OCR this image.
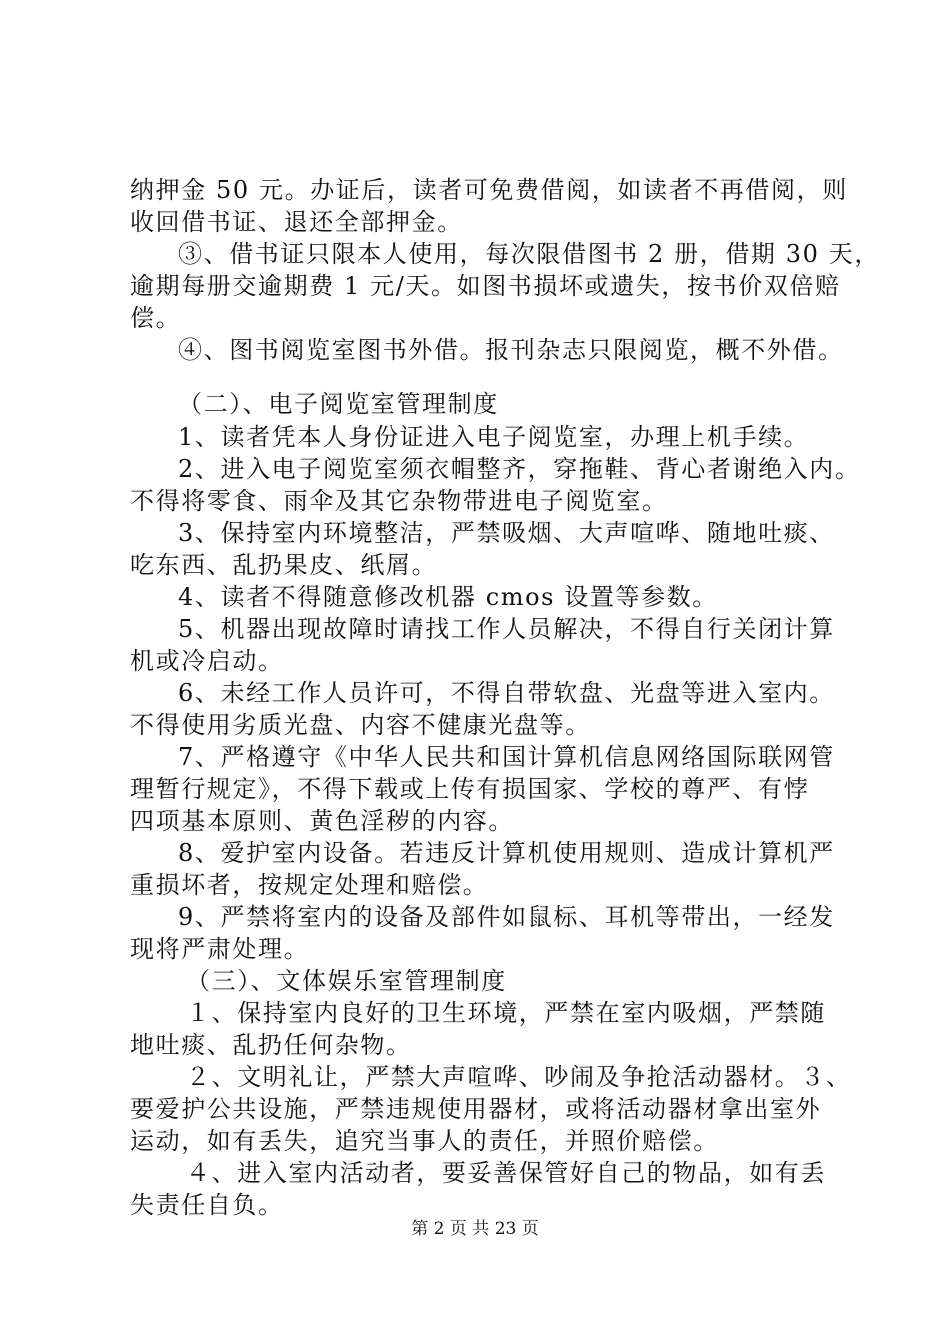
纳押金 50 元。办证后，读者可免费借阅，如读者不再借阅，则
收回借书证、退还全部押金。
③、借书证只限本人使用，每次限借图书 2 册，借期 30 天，
逾期每册交逾期费 1 元/天。如图书损坏或遗失，按书价双倍赔
偿。
④、图书阅览室图书外借。报刊杂志只限阅览，概不外借。
（二）、电子阅览室管理制度
1、读者凭本人身份证进入电子阅览室，办理上机手续。
2、进入电子阅览室须衣帽整齐，穿拖鞋、背心者谢绝入内。
不得将零食、雨伞及其它杂物带进电子阅览室。
3、保持室内环境整洁，严禁吸烟、大声喧哗、随地吐痰、
吃东西、乱扔果皮、纸屑。
4、读者不得随意修改机器 cmos 设置等参数。
5、机器出现故障时请找工作人员解决，不得自行关闭计算
机或冷启动。
6、未经工作人员许可，不得自带软盘、光盘等进入室内。
不得使用劣质光盘、内容不健康光盘等。
7、严格遵守《中华人民共和国计算机信息网络国际联网管
理暂行规定》，不得下载或上传有损国家、学校的尊严、有悖
四项基本原则、黄色淫秽的内容。
8、爱护室内设备。若违反计算机使用规则、造成计算机严
重损坏者，按规定处理和赔偿。
9、严禁将室内的设备及部件如鼠标、耳机等带出，一经发
现将严肃处理。
（三）、文体娱乐室管理制度
１、保持室内良好的卫生环境，严禁在室内吸烟，严禁随
地吐痰、乱扔任何杂物。
２、文明礼让，严禁大声喧哗、吵闹及争抢活动器材。３、
要爱护公共设施，严禁违规使用器材，或将活动器材拿出室外
运动，如有丢失，追究当事人的责任，并照价赔偿。
４、进入室内活动者，要妥善保管好自己的物品，如有丢
失责任自负。
第 2 页 共 23 页
